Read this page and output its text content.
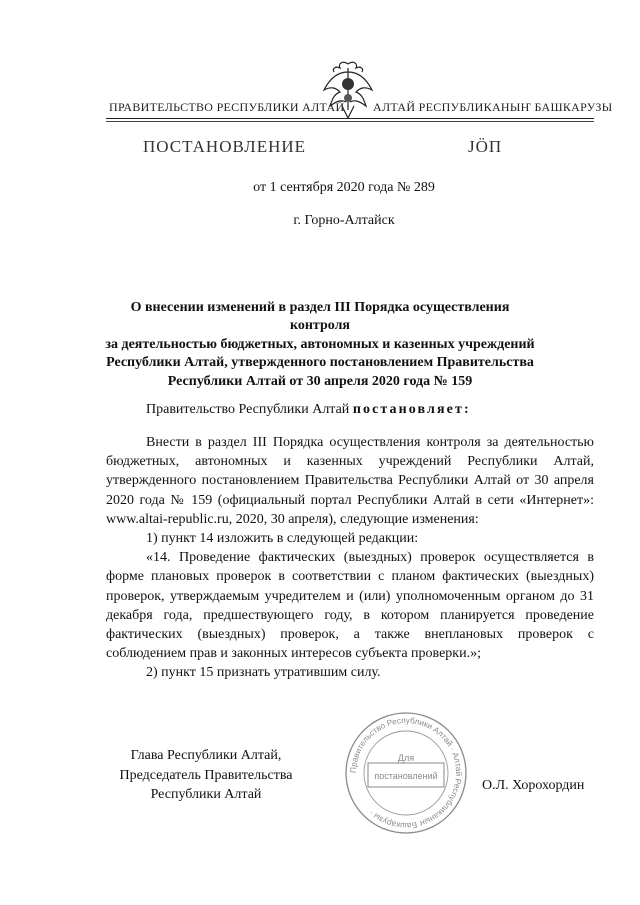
ПРАВИТЕЛЬСТВО РЕСПУБЛИКИ АЛТАЙ АЛТАЙ РЕСПУБЛИКАНЫҤ БАШКАРУЗЫ
ПОСТАНОВЛЕНИЕ	JÖП
от 1 сентября 2020 года № 289
г. Горно-Алтайск
О внесении изменений в раздел III Порядка осуществления контроля
за деятельностью бюджетных, автономных и казенных учреждений
Республики Алтай, утвержденного постановлением Правительства
Республики Алтай от 30 апреля 2020 года № 159
Правительство Республики Алтай постановляет:

Внести в раздел III Порядка осуществления контроля за деятельностью бюджетных, автономных и казенных учреждений Республики Алтай, утвержденного постановлением Правительства Республики Алтай от 30 апреля 2020 года № 159 (официальный портал Республики Алтай в сети «Интернет»: www.altai-republic.ru, 2020, 30 апреля), следующие изменения:

1) пункт 14 изложить в следующей редакции:

«14. Проведение фактических (выездных) проверок осуществляется в форме плановых проверок в соответствии с планом фактических (выездных) проверок, утверждаемым учредителем и (или) уполномоченным органом до 31 декабря года, предшествующего году, в котором планируется проведение фактических (выездных) проверок, а также внеплановых проверок с соблюдением прав и законных интересов субъекта проверки.»;

2) пункт 15 признать утратившим силу.

Правительство Республики Алтай · Алтай Республиканыҥ Башкарузы ·
Для
постановлений
Глава Республики Алтай,
Председатель Правительства
Республики Алтай
О.Л. Хорохордин
